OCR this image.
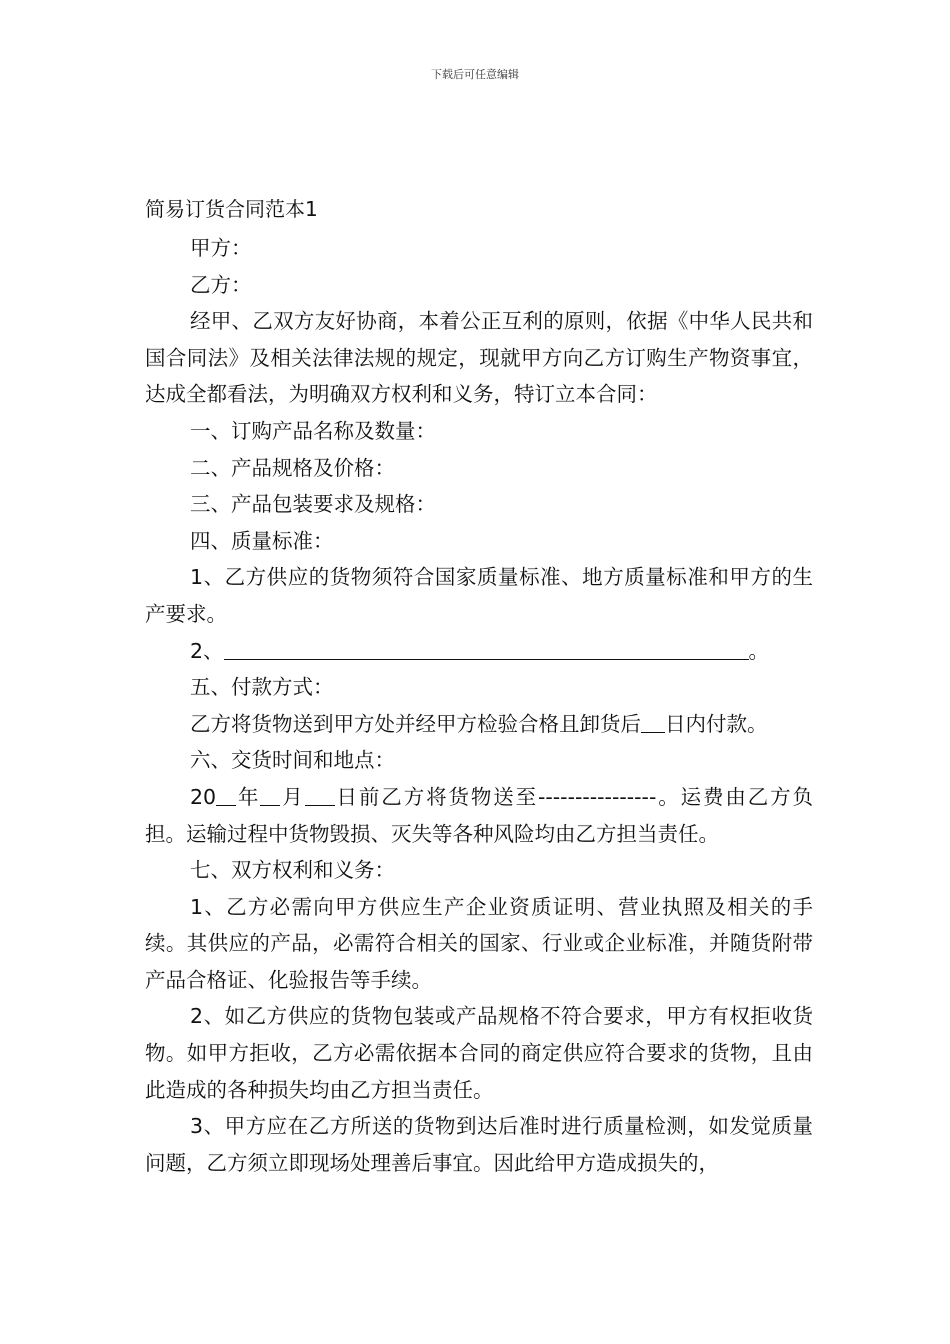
下载后可任意编辑
简易订货合同范本1

甲方：

乙方：

经甲、乙双方友好协商，本着公正互利的原则，依据《中华人民共和国合同法》及相关法律法规的规定，现就甲方向乙方订购生产物资事宜，达成全都看法，为明确双方权利和义务，特订立本合同：

一、订购产品名称及数量：

二、产品规格及价格：

三、产品包装要求及规格：

四、质量标准：

1、乙方供应的货物须符合国家质量标准、地方质量标准和甲方的生产要求。

2、	。

五、付款方式：

乙方将货物送到甲方处并经甲方检验合格且卸货后 日内付款。

六、交货时间和地点：

20 年 月 日前乙方将货物送至----------------。运费由乙方负担。运输过程中货物毁损、灭失等各种风险均由乙方担当责任。

七、双方权利和义务：

1、乙方必需向甲方供应生产企业资质证明、营业执照及相关的手续。其供应的产品，必需符合相关的国家、行业或企业标准，并随货附带产品合格证、化验报告等手续。

2、如乙方供应的货物包装或产品规格不符合要求，甲方有权拒收货物。如甲方拒收，乙方必需依据本合同的商定供应符合要求的货物，且由此造成的各种损失均由乙方担当责任。

3、甲方应在乙方所送的货物到达后准时进行质量检测，如发觉质量问题，乙方须立即现场处理善后事宜。因此给甲方造成损失的，
